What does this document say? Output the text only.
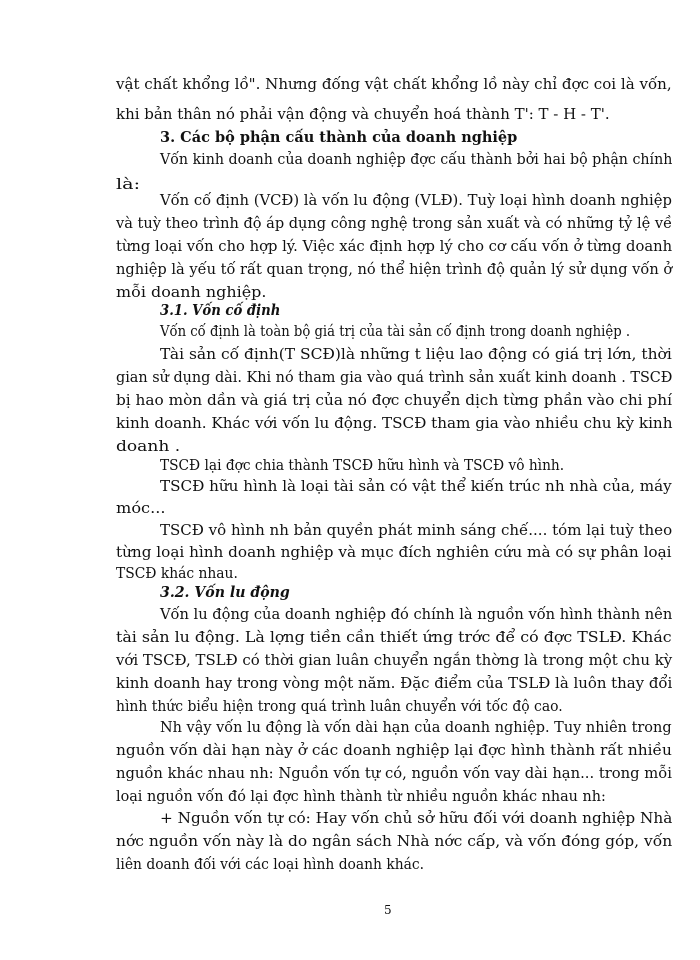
vật chất khổng lồ". Nhưng đống vật chất khổng lồ này chỉ đợc coi là vốn,
khi bản thân nó phải vận động và chuyển hoá thành T': T - H - T'.
3. Các bộ phận cấu thành của doanh nghiệp
Vốn kinh doanh của doanh nghiệp đợc cấu thành bởi hai bộ phận chính
là:
Vốn cố định (VCĐ) là vốn lu động (VLĐ). Tuỳ loại hình doanh nghiệp
và tuỳ theo trình độ áp dụng công nghệ trong sản xuất và có những tỷ lệ về
từng loại vốn cho hợp lý. Việc xác định hợp lý cho cơ cấu vốn ở từng doanh
nghiệp là yếu tố rất quan trọng, nó thể hiện trình độ quản lý sử dụng vốn ở
mỗi doanh nghiệp.
3.1. Vốn cố định
Vốn cố định là toàn bộ giá trị của tài sản cố định trong doanh nghiệp .
Tài sản cố định(T SCĐ)là những t liệu lao động có giá trị lớn, thời
gian sử dụng dài. Khi nó tham gia vào quá trình sản xuất kinh doanh . TSCĐ
bị hao mòn dần và giá trị của nó đợc chuyển dịch từng phần vào chi phí
kinh doanh. Khác với vốn lu động. TSCĐ tham gia vào nhiều chu kỳ kinh
doanh .
TSCĐ lại đợc chia thành TSCĐ hữu hình và TSCĐ vô hình.
TSCĐ hữu hình là loại tài sản có vật thể kiến trúc nh nhà của, máy
móc...
TSCĐ vô hình nh bản quyền phát minh sáng chế.... tóm lại tuỳ theo
từng loại hình doanh nghiệp và mục đích nghiên cứu mà có sự phân loại
TSCĐ khác nhau.
3.2. Vốn lu động
Vốn lu động của doanh nghiệp đó chính là nguồn vốn hình thành nên
tài sản lu động. Là lợng tiền cần thiết ứng trớc để có đợc TSLĐ. Khác
với TSCĐ, TSLĐ có thời gian luân chuyển ngắn thờng là trong một chu kỳ
kinh doanh hay trong vòng một năm. Đặc điểm của TSLĐ là luôn thay đổi
hình thức biểu hiện trong quá trình luân chuyển với tốc độ cao.
Nh vậy vốn lu động là vốn dài hạn của doanh nghiệp. Tuy nhiên trong
nguồn vốn dài hạn này ở các doanh nghiệp lại đợc hình thành rất nhiều
nguồn khác nhau nh: Nguồn vốn tự có, nguồn vốn vay dài hạn... trong mỗi
loại nguồn vốn đó lại đợc hình thành từ nhiều nguồn khác nhau nh:
+ Nguồn vốn tự có: Hay vốn chủ sở hữu đối với doanh nghiệp Nhà
nớc nguồn vốn này là do ngân sách Nhà nớc cấp, và vốn đóng góp, vốn
liên doanh đối với các loại hình doanh khác.
5
